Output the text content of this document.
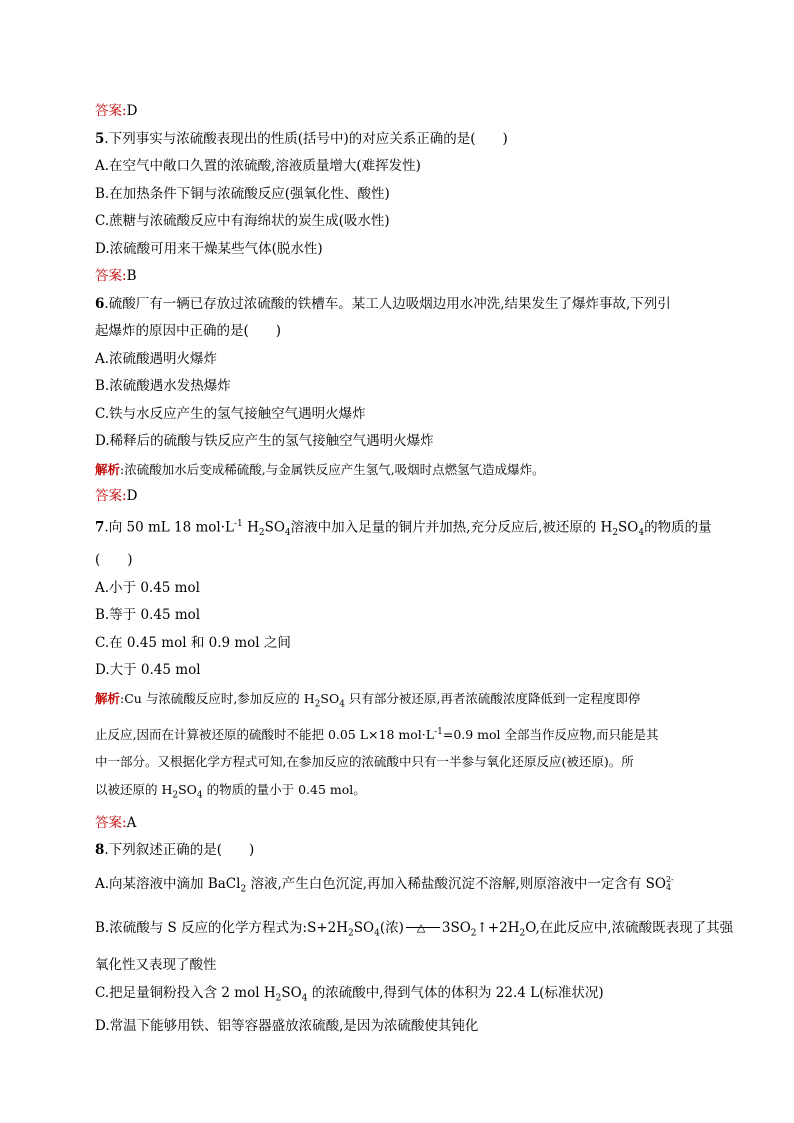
答案:D
5.下列事实与浓硫酸表现出的性质(括号中)的对应关系正确的是(　　)
A.在空气中敞口久置的浓硫酸,溶液质量增大(难挥发性)
B.在加热条件下铜与浓硫酸反应(强氧化性、酸性)
C.蔗糖与浓硫酸反应中有海绵状的炭生成(吸水性)
D.浓硫酸可用来干燥某些气体(脱水性)
答案:B
6.硫酸厂有一辆已存放过浓硫酸的铁槽车。某工人边吸烟边用水冲洗,结果发生了爆炸事故,下列引
起爆炸的原因中正确的是(　　)
A.浓硫酸遇明火爆炸
B.浓硫酸遇水发热爆炸
C.铁与水反应产生的氢气接触空气遇明火爆炸
D.稀释后的硫酸与铁反应产生的氢气接触空气遇明火爆炸
解析:浓硫酸加水后变成稀硫酸,与金属铁反应产生氢气,吸烟时点燃氢气造成爆炸。
答案:D
7.向 50 mL 18 $mol\cdot L^{-1}$ $H_2SO_4$溶液中加入足量的铜片并加热,充分反应后,被还原的 $H_2SO_4$的物质的量
(　　)
A.小于 0.45 mol
B.等于 0.45 mol
C.在 0.45 mol 和 0.9 mol 之间
D.大于 0.45 mol
解析:Cu 与浓硫酸反应时,参加反应的 $H_2SO_4$ 只有部分被还原,再者浓硫酸浓度降低到一定程度即停
止反应,因而在计算被还原的硫酸时不能把 0.05 L×18 $mol\cdot L^{-1}=0.9$ mol 全部当作反应物,而只能是其
中一部分。又根据化学方程式可知,在参加反应的浓硫酸中只有一半参与氧化还原反应(被还原)。所
以被还原的 $H_2SO_4$ 的物质的量小于 0.45 mol。
答案:A
8.下列叙述正确的是(　　)
A.向某溶液中滴加 BaCl$_2$ 溶液,产生白色沉淀,再加入稀盐酸沉淀不溶解,则原溶液中一定含有 SO 2-
4
B.浓硫酸与 S 反应的化学方程式为$:S+2H_2SO_4$(浓) △ $3SO_2↑+2H_2O$,在此反应中,浓硫酸既表现了其强
氧化性又表现了酸性
C.把足量铜粉投入含 2 mol $H_2SO_4$ 的浓硫酸中,得到气体的体积为 22.4 L(标准状况)
D.常温下能够用铁、铝等容器盛放浓硫酸,是因为浓硫酸使其钝化
